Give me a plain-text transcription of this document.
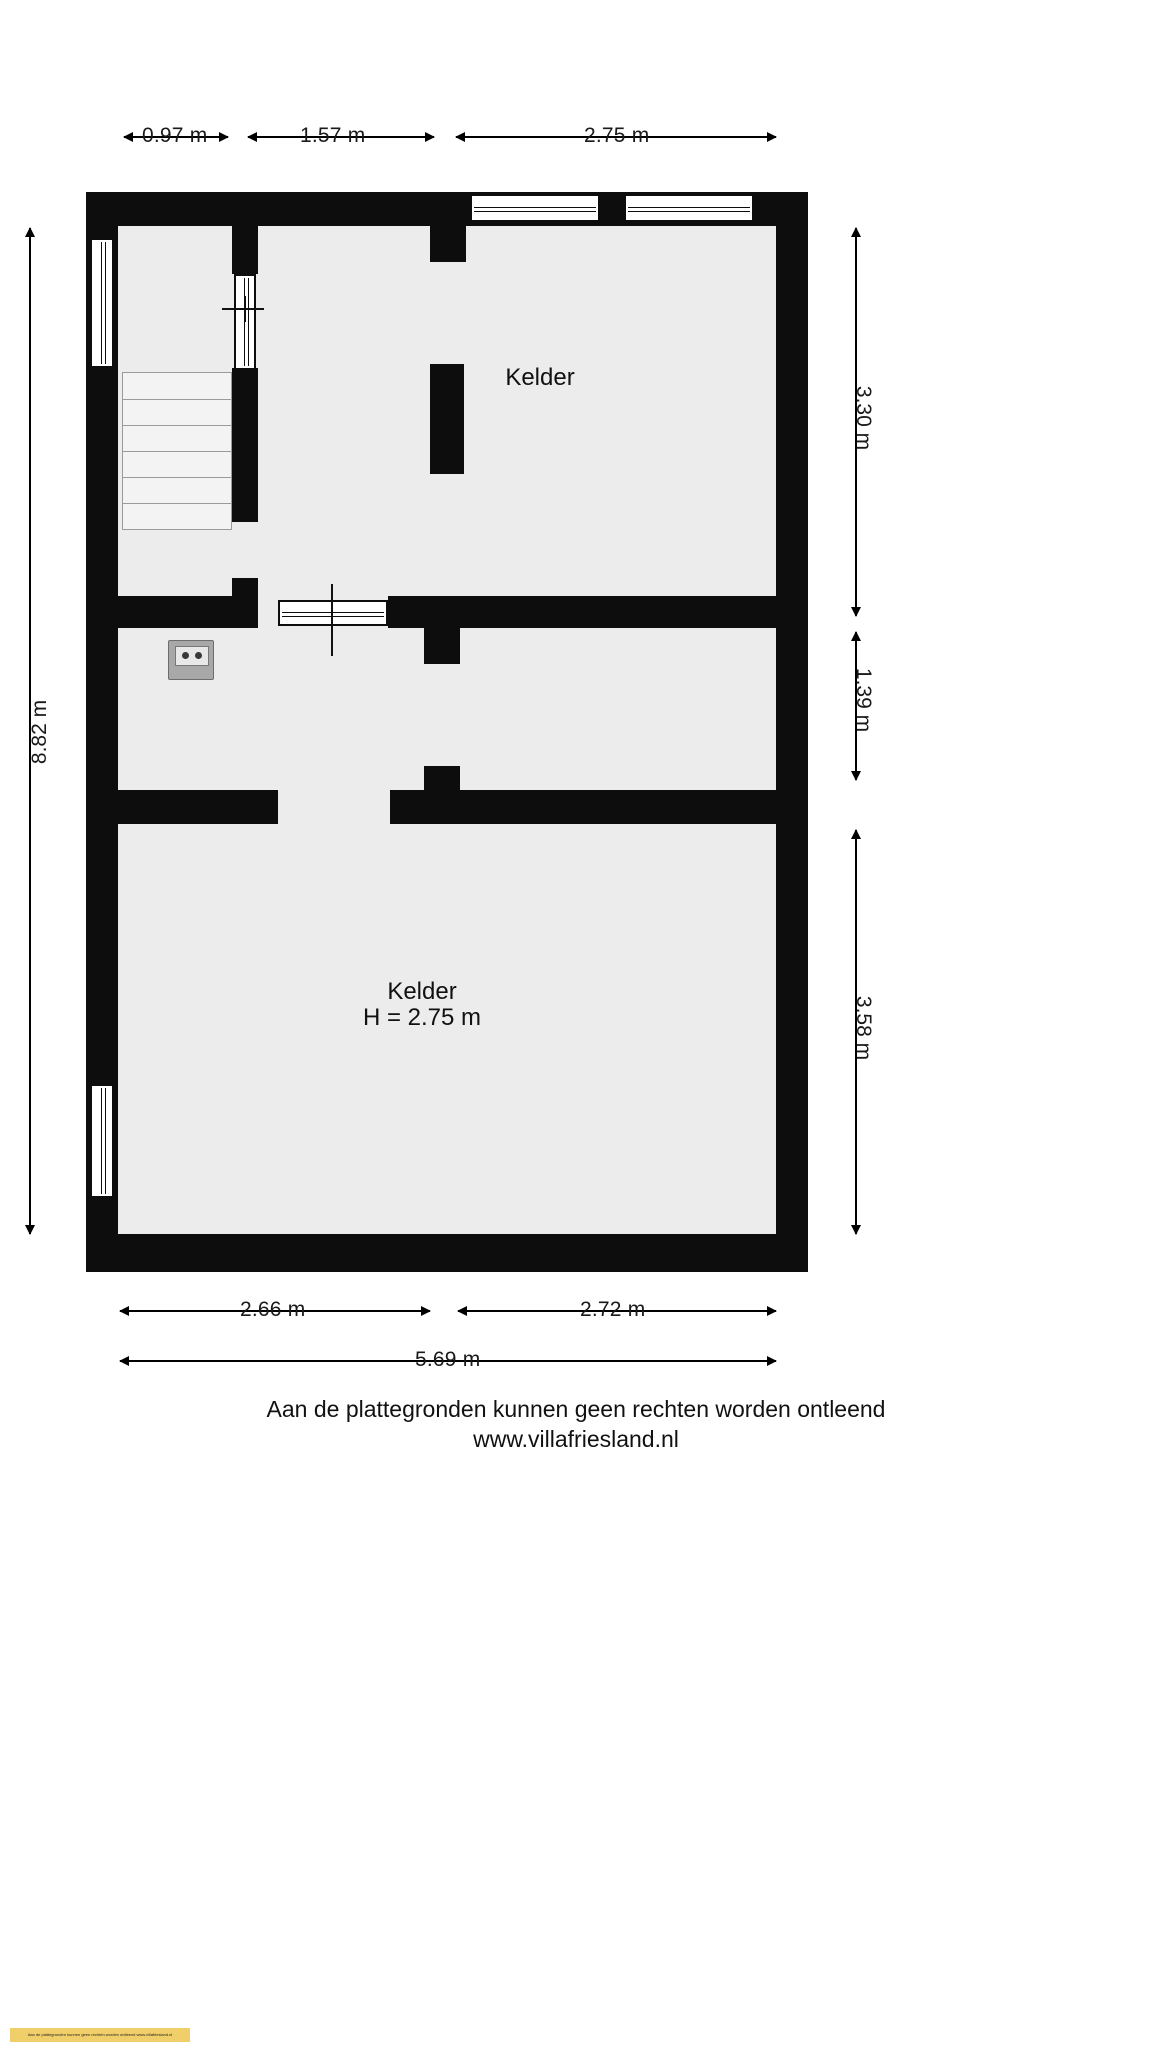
0.97 m	1.57 m	2.75 m
8.82 m
3.30 m
1.39 m
3.58 m
Kelder
Kelder
H = 2.75 m
2.66 m	2.72 m
5.69 m
Aan de plattegronden kunnen geen rechten worden ontleend
www.villafriesland.nl
Aan de plattegronden kunnen geen rechten worden ontleend www.villafriesland.nl
